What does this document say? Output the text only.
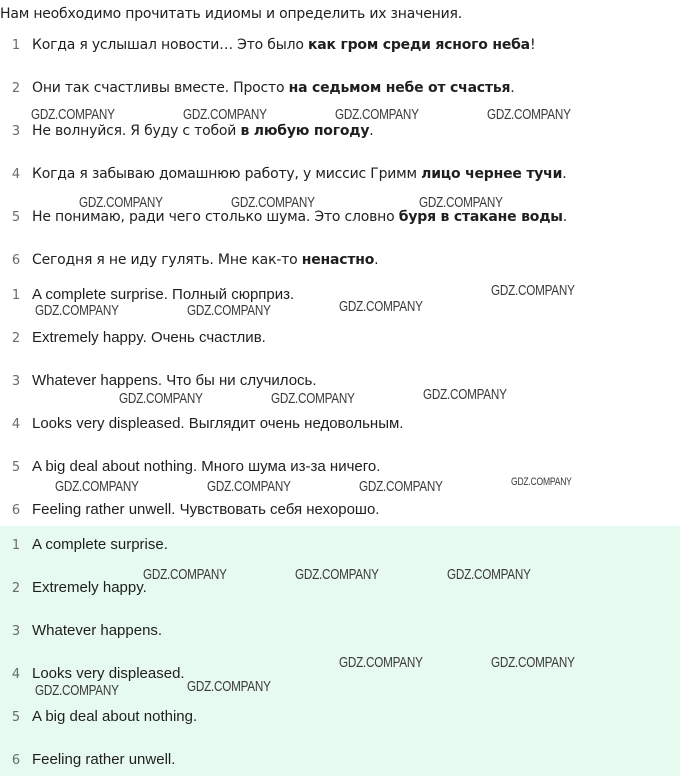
Нам необходимо прочитать идиомы и определить их значения.
1 Когда я услышал новости… Это было как гром среди ясного неба!
2 Они так счастливы вместе. Просто на седьмом небе от счастья.
3 Не волнуйся. Я буду с тобой в любую погоду.
4 Когда я забываю домашнюю работу, у миссис Гримм лицо чернее тучи.
5 Не понимаю, ради чего столько шума. Это словно буря в стакане воды.
6 Сегодня я не иду гулять. Мне как-то ненастно.
1 A complete surprise. Полный сюрприз.
2 Extremely happy. Очень счастлив.
3 Whatever happens. Что бы ни случилось.
4 Looks very displeased. Выглядит очень недовольным.
5 A big deal about nothing. Много шума из-за ничего.
6 Feeling rather unwell. Чувствовать себя нехорошо.
1 A complete surprise.
2 Extremely happy.
3 Whatever happens.
4 Looks very displeased.
5 A big deal about nothing.
6 Feeling rather unwell.
GDZ.COMPANY	GDZ.COMPANY	GDZ.COMPANY	GDZ.COMPANY
GDZ.COMPANY	GDZ.COMPANY	GDZ.COMPANY
GDZ.COMPANY
GDZ.COMPANY
GDZ.COMPANY	GDZ.COMPANY
GDZ.COMPANY
GDZ.COMPANY	GDZ.COMPANY
GDZ.COMPANY
GDZ.COMPANY	GDZ.COMPANY	GDZ.COMPANY
GDZ.COMPANY	GDZ.COMPANY	GDZ.COMPANY
GDZ.COMPANY	GDZ.COMPANY
GDZ.COMPANY
GDZ.COMPANY
